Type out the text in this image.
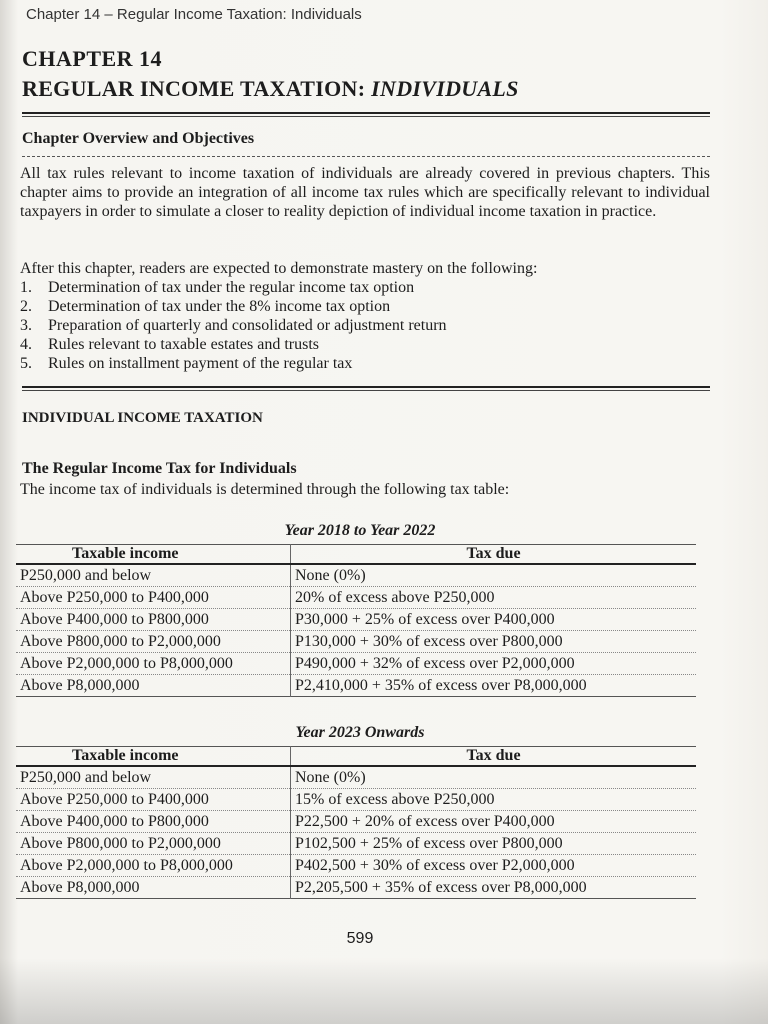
Chapter 14 – Regular Income Taxation: Individuals
CHAPTER 14
REGULAR INCOME TAXATION: INDIVIDUALS
Chapter Overview and Objectives
All tax rules relevant to income taxation of individuals are already covered in previous chapters. This chapter aims to provide an integration of all income tax rules which are specifically relevant to individual taxpayers in order to simulate a closer to reality depiction of individual income taxation in practice.
After this chapter, readers are expected to demonstrate mastery on the following:
1.	Determination of tax under the regular income tax option
2.	Determination of tax under the 8% income tax option
3.	Preparation of quarterly and consolidated or adjustment return
4.	Rules relevant to taxable estates and trusts
5.	Rules on installment payment of the regular tax
INDIVIDUAL INCOME TAXATION
The Regular Income Tax for Individuals
The income tax of individuals is determined through the following tax table:
Year 2018 to Year 2022
Taxable income	Tax due
P250,000 and below	None (0%)
Above P250,000 to P400,000	20% of excess above P250,000
Above P400,000 to P800,000	P30,000 + 25% of excess over P400,000
Above P800,000 to P2,000,000	P130,000 + 30% of excess over P800,000
Above P2,000,000 to P8,000,000	P490,000 + 32% of excess over P2,000,000
Above P8,000,000	P2,410,000 + 35% of excess over P8,000,000
Year 2023 Onwards
Taxable income	Tax due
P250,000 and below	None (0%)
Above P250,000 to P400,000	15% of excess above P250,000
Above P400,000 to P800,000	P22,500 + 20% of excess over P400,000
Above P800,000 to P2,000,000	P102,500 + 25% of excess over P800,000
Above P2,000,000 to P8,000,000	P402,500 + 30% of excess over P2,000,000
Above P8,000,000	P2,205,500 + 35% of excess over P8,000,000
599
